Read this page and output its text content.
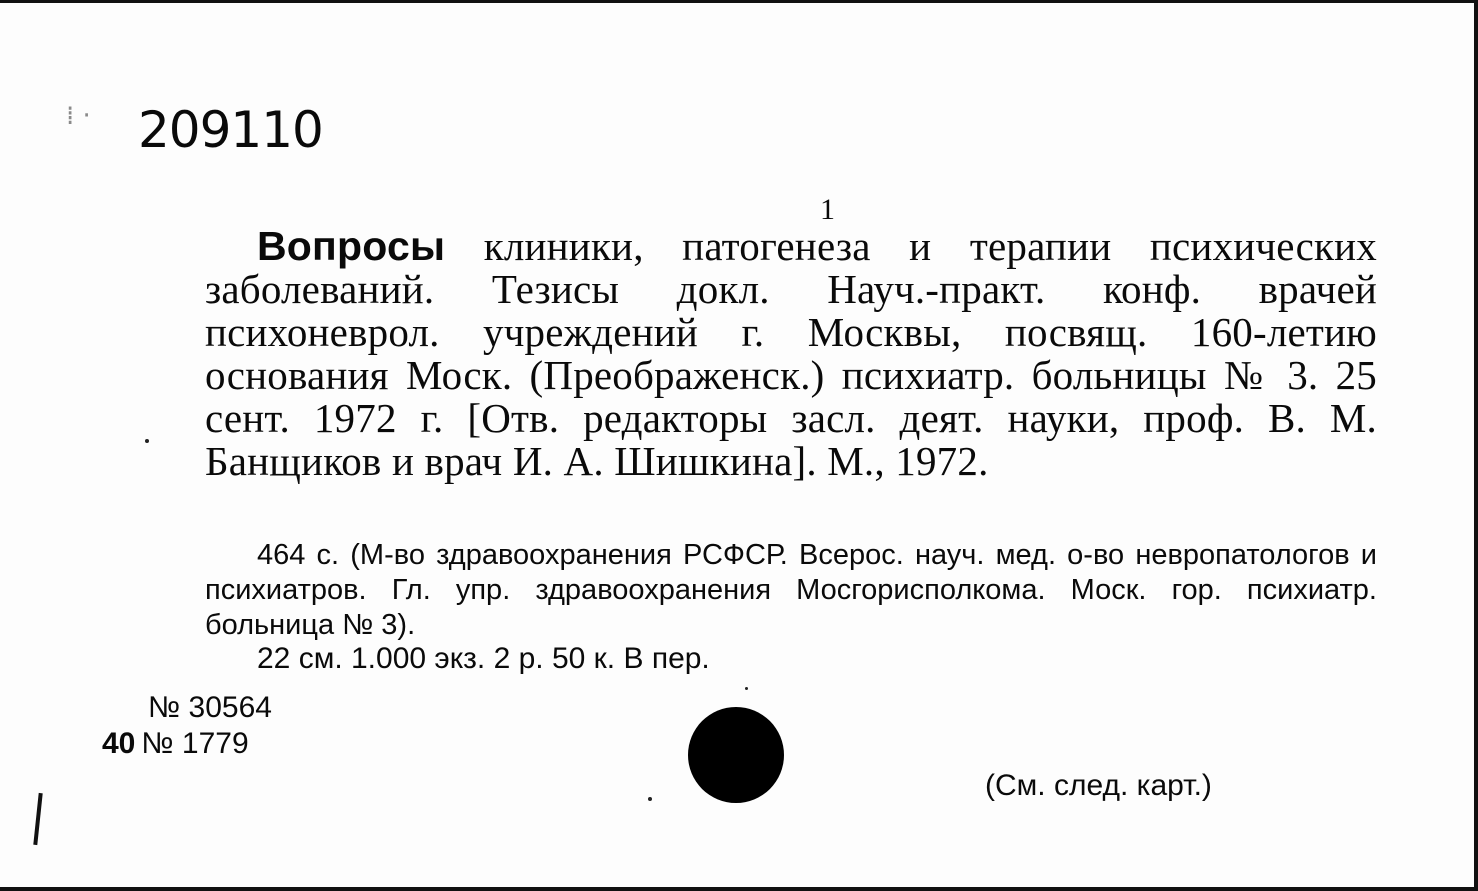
⁞ · 209110
1

Вопросы клиники, патогенеза и терапии психических заболеваний. Тезисы докл. Науч.-практ. конф. врачей психоневрол. учреждений г. Москвы, посвящ. 160-летию основания Моск. (Преображенск.) психиатр. больницы № 3. 25 сент. 1972 г. [Отв. редакторы засл. деят. науки, проф. В. М. Банщиков и врач И. А. Шишкина]. М., 1972.

464 с. (М-во здравоохранения РСФСР. Всерос. науч. мед. о-во невропатологов и психиатров. Гл. упр. здравоохранения Мосгорисполкома. Моск. гор. психиатр. больница № 3).

22 см. 1.000 экз. 2 р. 50 к. В пер.

№ 30564
40 № 1779
(См. след. карт.)
